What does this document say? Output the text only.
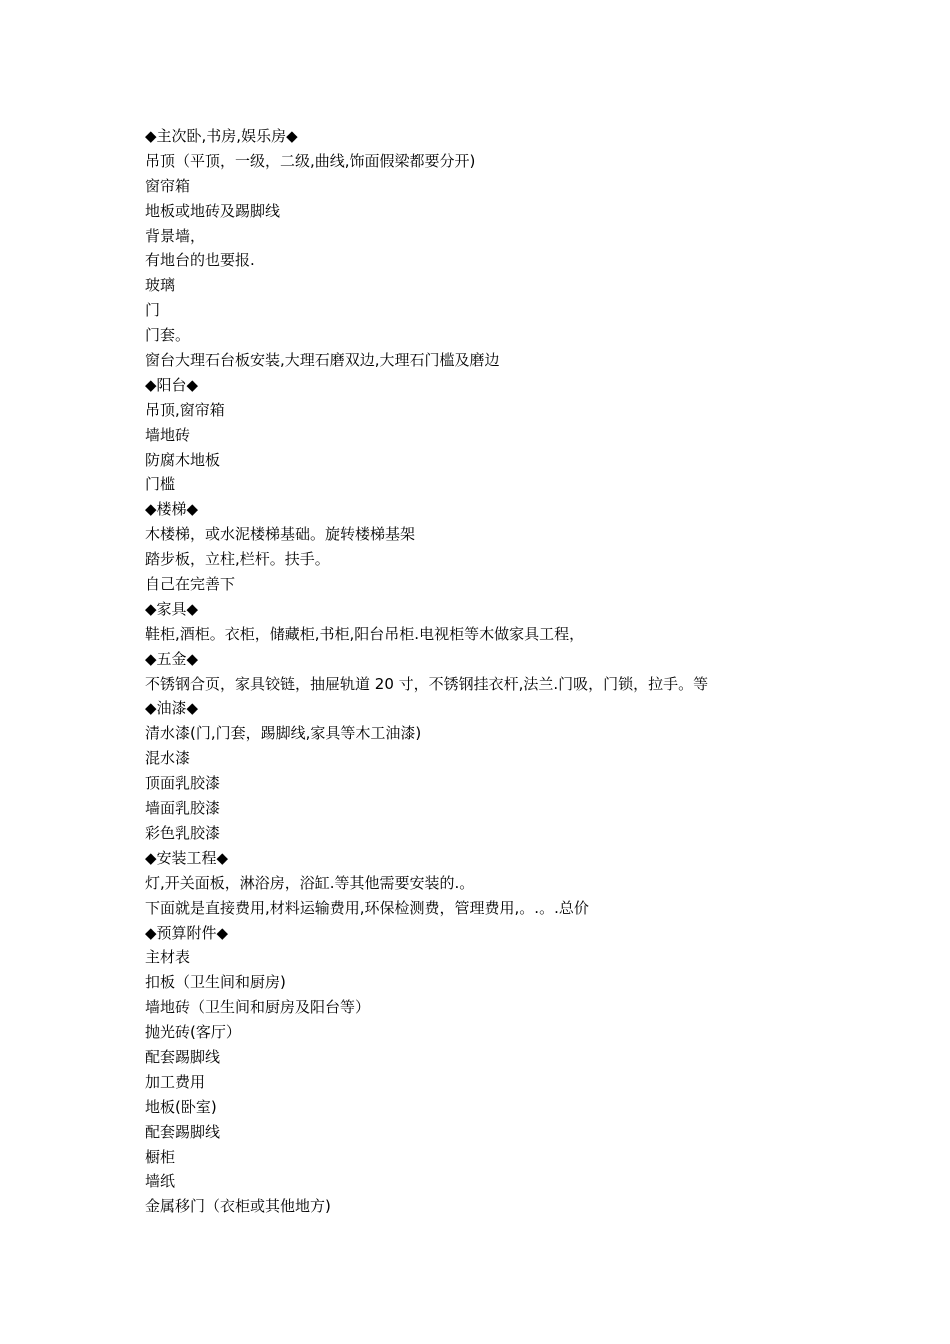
◆主次卧,书房,娱乐房◆
吊顶（平顶，一级，二级,曲线,饰面假梁都要分开)
窗帘箱
地板或地砖及踢脚线
背景墙，
有地台的也要报.
玻璃
门
门套。
窗台大理石台板安装,大理石磨双边,大理石门槛及磨边
◆阳台◆
吊顶,窗帘箱
墙地砖
防腐木地板
门槛
◆楼梯◆
木楼梯，或水泥楼梯基础。旋转楼梯基架
踏步板，立柱,栏杆。扶手。
自己在完善下
◆家具◆
鞋柜,酒柜。衣柜，储藏柜,书柜,阳台吊柜.电视柜等木做家具工程，
◆五金◆
不锈钢合页，家具铰链，抽屉轨道 20 寸，不锈钢挂衣杆,法兰.门吸，门锁，拉手。等
◆油漆◆
清水漆(门,门套，踢脚线,家具等木工油漆)
混水漆
顶面乳胶漆
墙面乳胶漆
彩色乳胶漆
◆安装工程◆
灯,开关面板，淋浴房，浴缸.等其他需要安装的.。
下面就是直接费用,材料运输费用,环保检测费，管理费用,。.。.总价
◆预算附件◆
主材表
扣板（卫生间和厨房)
墙地砖（卫生间和厨房及阳台等）
抛光砖(客厅）
配套踢脚线
加工费用
地板(卧室)
配套踢脚线
橱柜
墙纸
金属移门（衣柜或其他地方)
